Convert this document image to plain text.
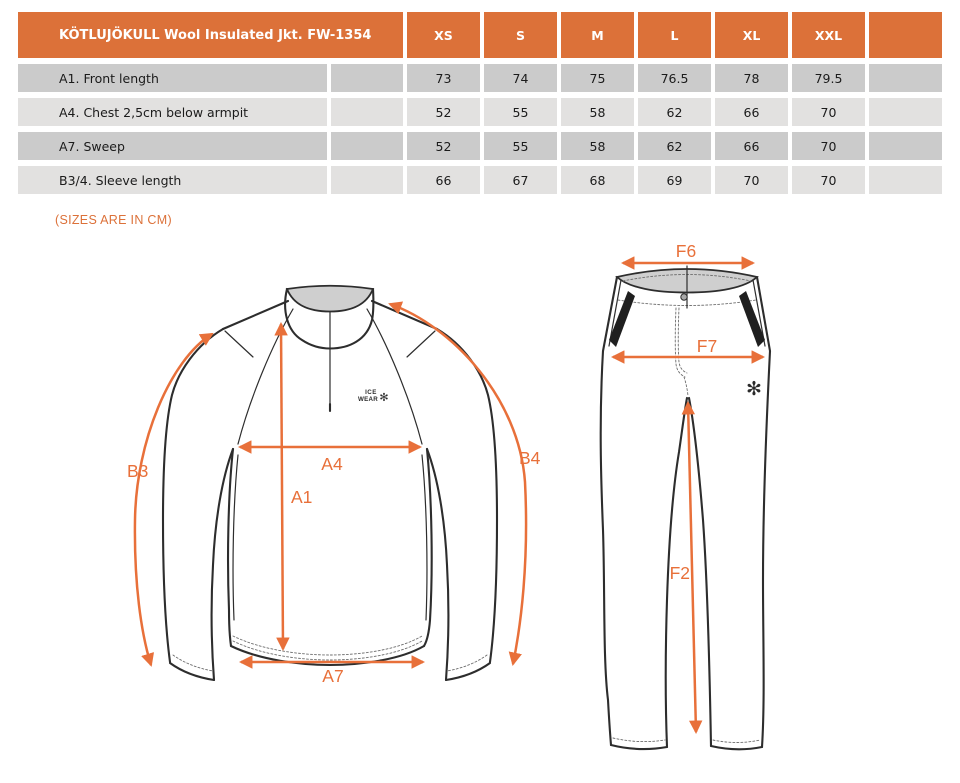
ICE
WEAR ✻
A4
A1
A7
B3
B4
✻
F6
F7
F2
KÖTLUJÖKULL Wool Insulated Jkt. FW-1354		XS	S	M	L	XL	XXL	
A1. Front length		73	74	75	76.5	78	79.5	
A4. Chest 2,5cm below armpit		52	55	58	62	66	70	
A7. Sweep		52	55	58	62	66	70	
B3/4. Sleeve length		66	67	68	69	70	70	
(SIZES ARE IN CM)
